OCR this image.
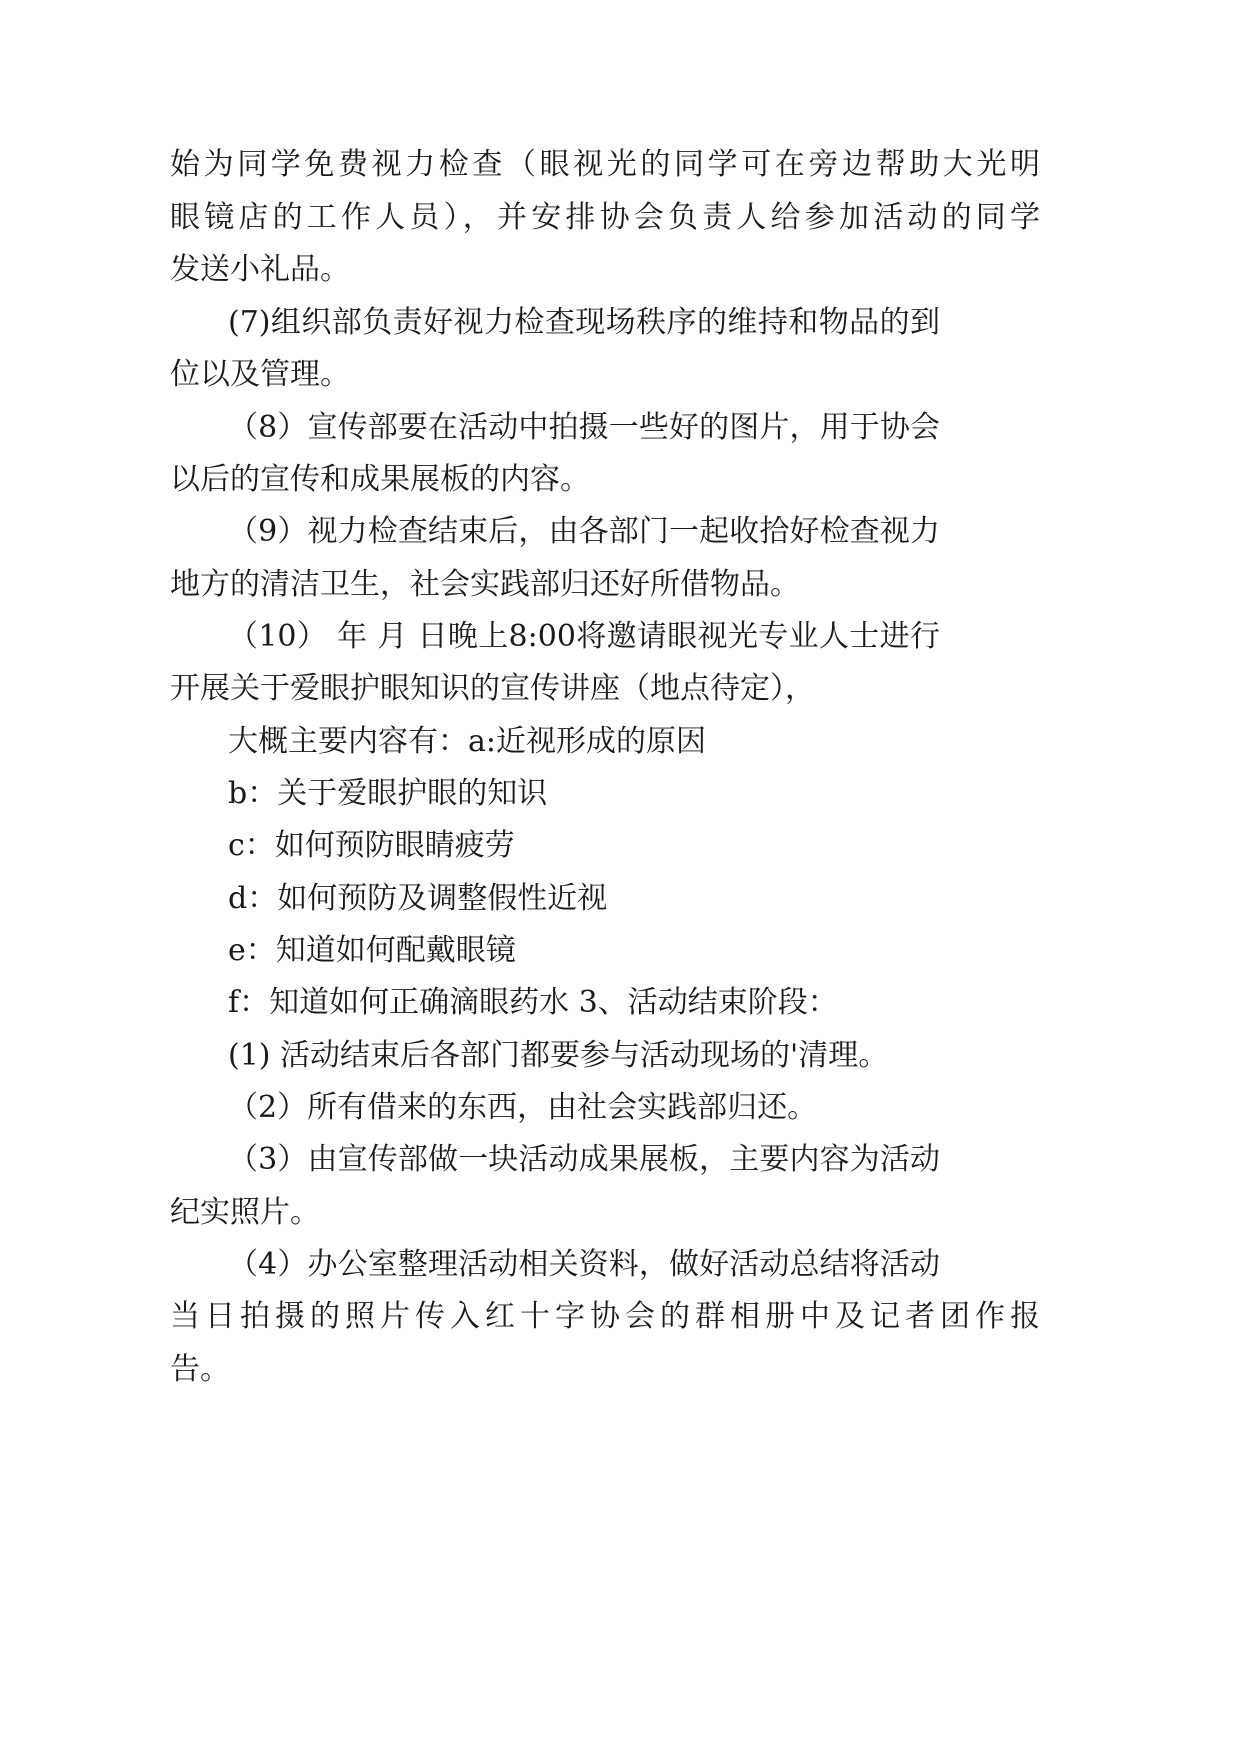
始为同学免费视力检查（眼视光的同学可在旁边帮助大光明
眼镜店的工作人员），并安排协会负责人给参加活动的同学
发送小礼品。
(7)组织部负责好视力检查现场秩序的维持和物品的到
位以及管理。
（8）宣传部要在活动中拍摄一些好的图片，用于协会
以后的宣传和成果展板的内容。
（9）视力检查结束后，由各部门一起收拾好检查视力
地方的清洁卫生，社会实践部归还好所借物品。
（10） 年 月 日晚上8:00将邀请眼视光专业人士进行
开展关于爱眼护眼知识的宣传讲座（地点待定），
大概主要内容有：a:近视形成的原因
b：关于爱眼护眼的知识
c：如何预防眼睛疲劳
d：如何预防及调整假性近视
e：知道如何配戴眼镜
f：知道如何正确滴眼药水 3、活动结束阶段：
(1) 活动结束后各部门都要参与活动现场的'清理。
（2）所有借来的东西，由社会实践部归还。
（3）由宣传部做一块活动成果展板，主要内容为活动
纪实照片。
（4）办公室整理活动相关资料，做好活动总结将活动
当日拍摄的照片传入红十字协会的群相册中及记者团作报
告。
